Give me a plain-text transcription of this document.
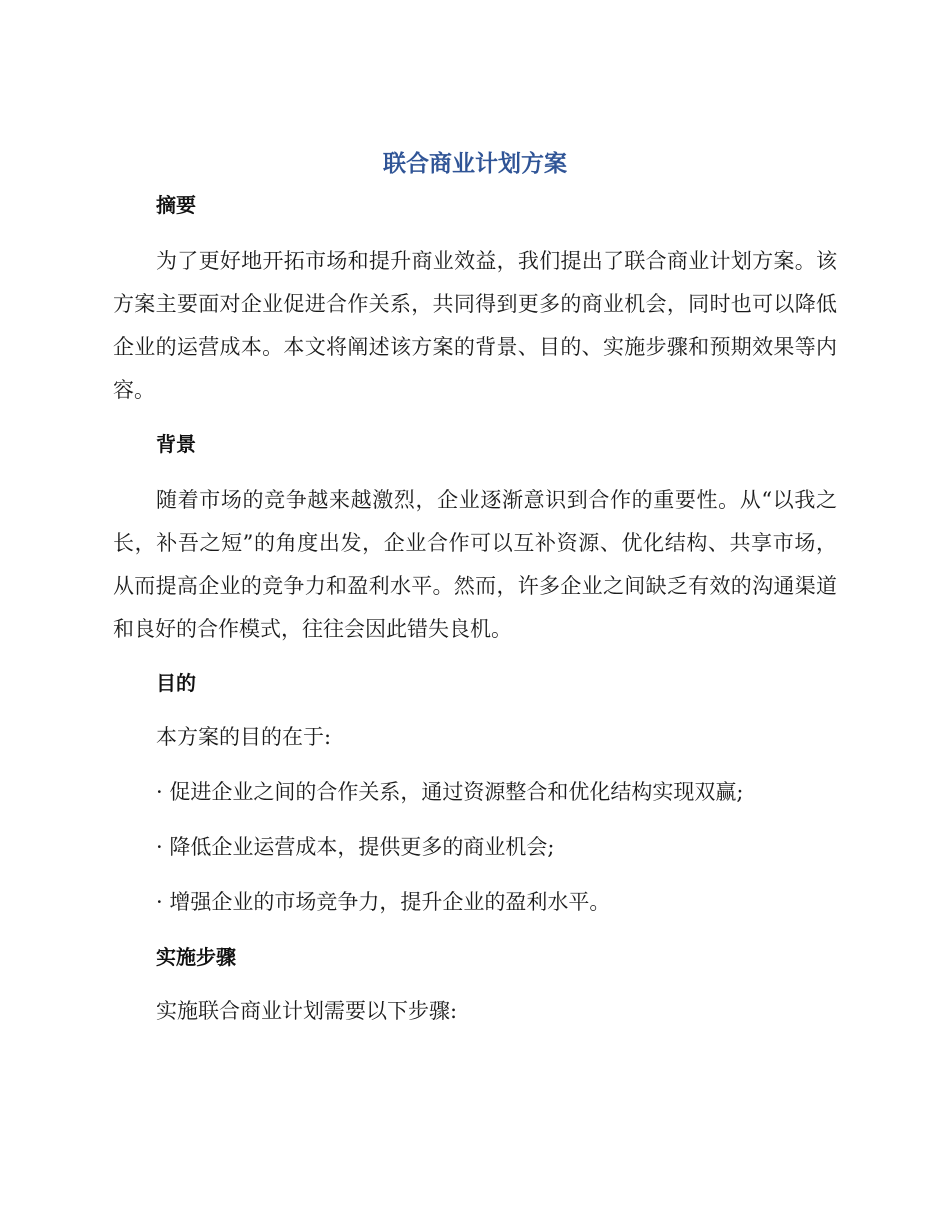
联合商业计划方案
摘要

为了更好地开拓市场和提升商业效益，我们提出了联合商业计划方案。该方案主要面对企业促进合作关系，共同得到更多的商业机会，同时也可以降低企业的运营成本。本文将阐述该方案的背景、目的、实施步骤和预期效果等内容。

背景

随着市场的竞争越来越激烈，企业逐渐意识到合作的重要性。从“以我之长，补吾之短”的角度出发，企业合作可以互补资源、优化结构、共享市场，从而提高企业的竞争力和盈利水平。然而，许多企业之间缺乏有效的沟通渠道和良好的合作模式，往往会因此错失良机。

目的
本方案的目的在于:
· 促进企业之间的合作关系，通过资源整合和优化结构实现双赢;
· 降低企业运营成本，提供更多的商业机会;
· 增强企业的市场竞争力，提升企业的盈利水平。
实施步骤
实施联合商业计划需要以下步骤:
